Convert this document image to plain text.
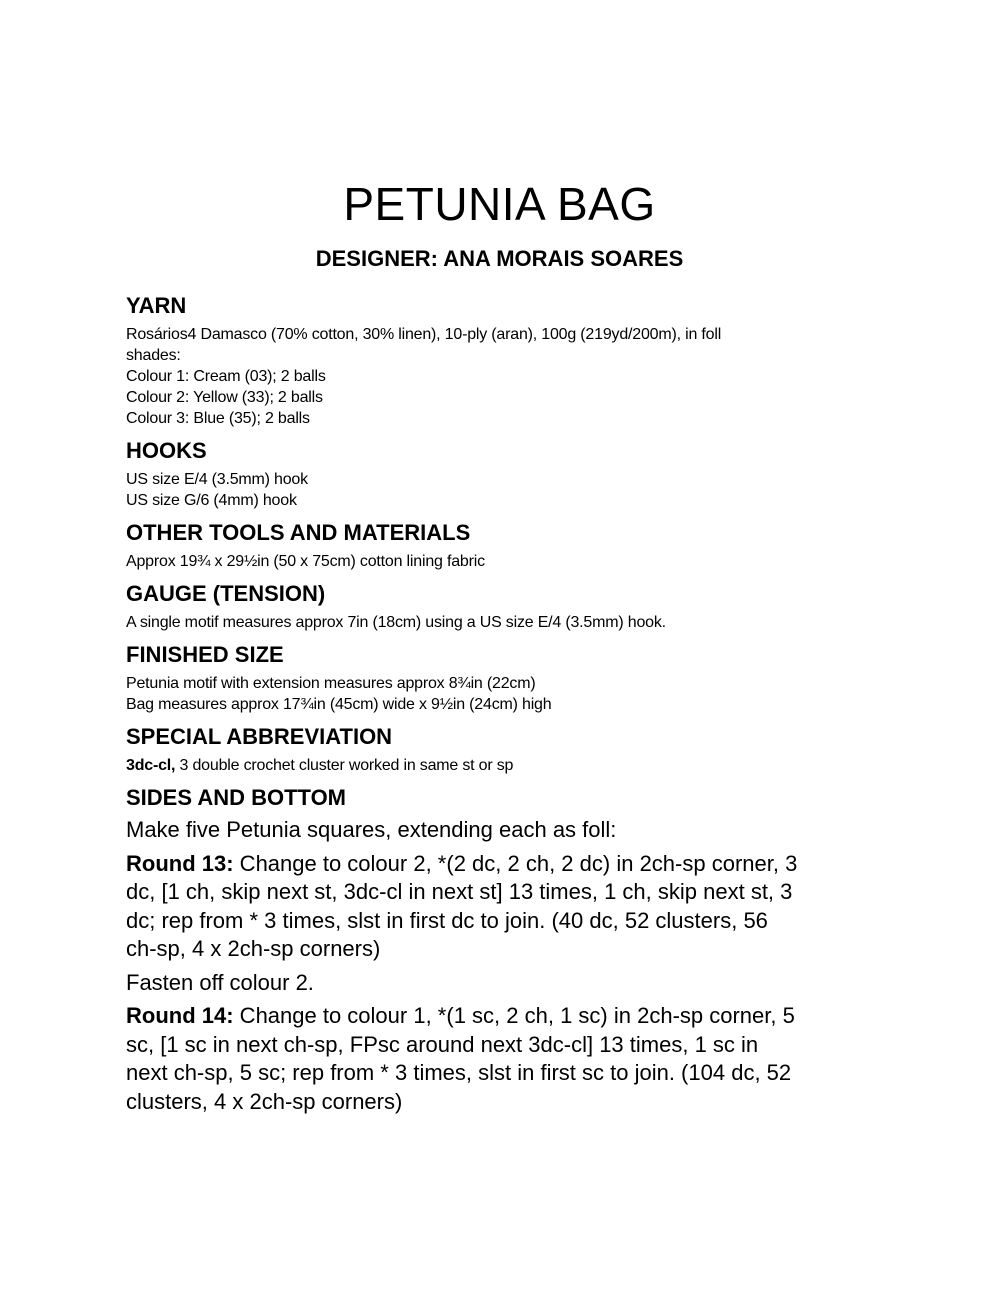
PETUNIA BAG
DESIGNER: ANA MORAIS SOARES
YARN

Rosários4 Damasco (70% cotton, 30% linen), 10-ply (aran), 100g (219yd/200m), in foll

shades:

Colour 1: Cream (03); 2 balls

Colour 2: Yellow (33); 2 balls

Colour 3: Blue (35); 2 balls

HOOKS

US size E/4 (3.5mm) hook

US size G/6 (4mm) hook

OTHER TOOLS AND MATERIALS

Approx 19¾ x 29½in (50 x 75cm) cotton lining fabric

GAUGE (TENSION)

A single motif measures approx 7in (18cm) using a US size E/4 (3.5mm) hook.

FINISHED SIZE

Petunia motif with extension measures approx 8¾in (22cm)

Bag measures approx 17¾in (45cm) wide x 9½in (24cm) high

SPECIAL ABBREVIATION

3dc-cl, 3 double crochet cluster worked in same st or sp

SIDES AND BOTTOM

Make five Petunia squares, extending each as foll:

Round 13: Change to colour 2, *(2 dc, 2 ch, 2 dc) in 2ch-sp corner, 3

dc, [1 ch, skip next st, 3dc-cl in next st] 13 times, 1 ch, skip next st, 3

dc; rep from * 3 times, slst in first dc to join. (40 dc, 52 clusters, 56

ch-sp, 4 x 2ch-sp corners)

Fasten off colour 2.

Round 14: Change to colour 1, *(1 sc, 2 ch, 1 sc) in 2ch-sp corner, 5

sc, [1 sc in next ch-sp, FPsc around next 3dc-cl] 13 times, 1 sc in

next ch-sp, 5 sc; rep from * 3 times, slst in first sc to join. (104 dc, 52

clusters, 4 x 2ch-sp corners)
